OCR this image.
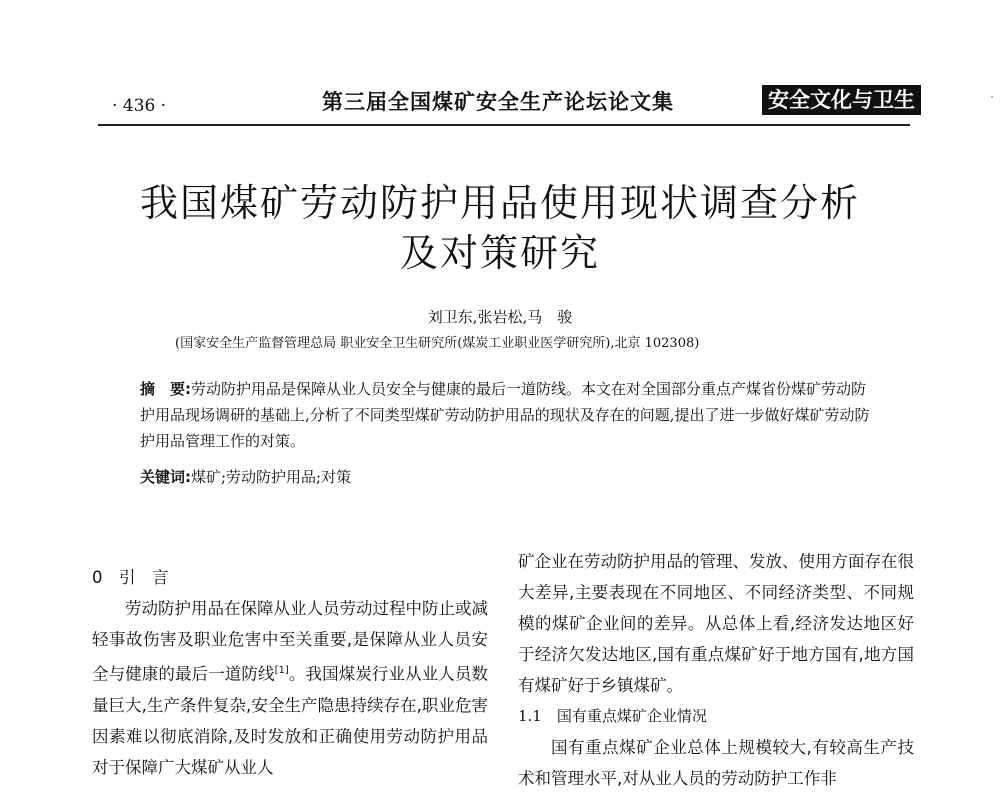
· 436 ·	第三届全国煤矿安全生产论坛论文集	安全文化与卫生	·
我国煤矿劳动防护用品使用现状调查分析
及对策研究
刘卫东,张岩松,马　骏
(国家安全生产监督管理总局 职业安全卫生研究所(煤炭工业职业医学研究所),北京 102308)

摘　要:劳动防护用品是保障从业人员安全与健康的最后一道防线。本文在对全国部分重点产煤省份煤矿劳动防护用品现场调研的基础上,分析了不同类型煤矿劳动防护用品的现状及存在的问题,提出了进一步做好煤矿劳动防护用品管理工作的对策。

关键词:煤矿;劳动防护用品;对策

0　引　言

劳动防护用品在保障从业人员劳动过程中防止或减轻事故伤害及职业危害中至关重要,是保障从业人员安全与健康的最后一道防线[1]。我国煤炭行业从业人员数量巨大,生产条件复杂,安全生产隐患持续存在,职业危害因素难以彻底消除,及时发放和正确使用劳动防护用品对于保障广大煤矿从业人

矿企业在劳动防护用品的管理、发放、使用方面存在很大差异,主要表现在不同地区、不同经济类型、不同规模的煤矿企业间的差异。从总体上看,经济发达地区好于经济欠发达地区,国有重点煤矿好于地方国有,地方国有煤矿好于乡镇煤矿。

1.1　国有重点煤矿企业情况

国有重点煤矿企业总体上规模较大,有较高生产技术和管理水平,对从业人员的劳动防护工作非
